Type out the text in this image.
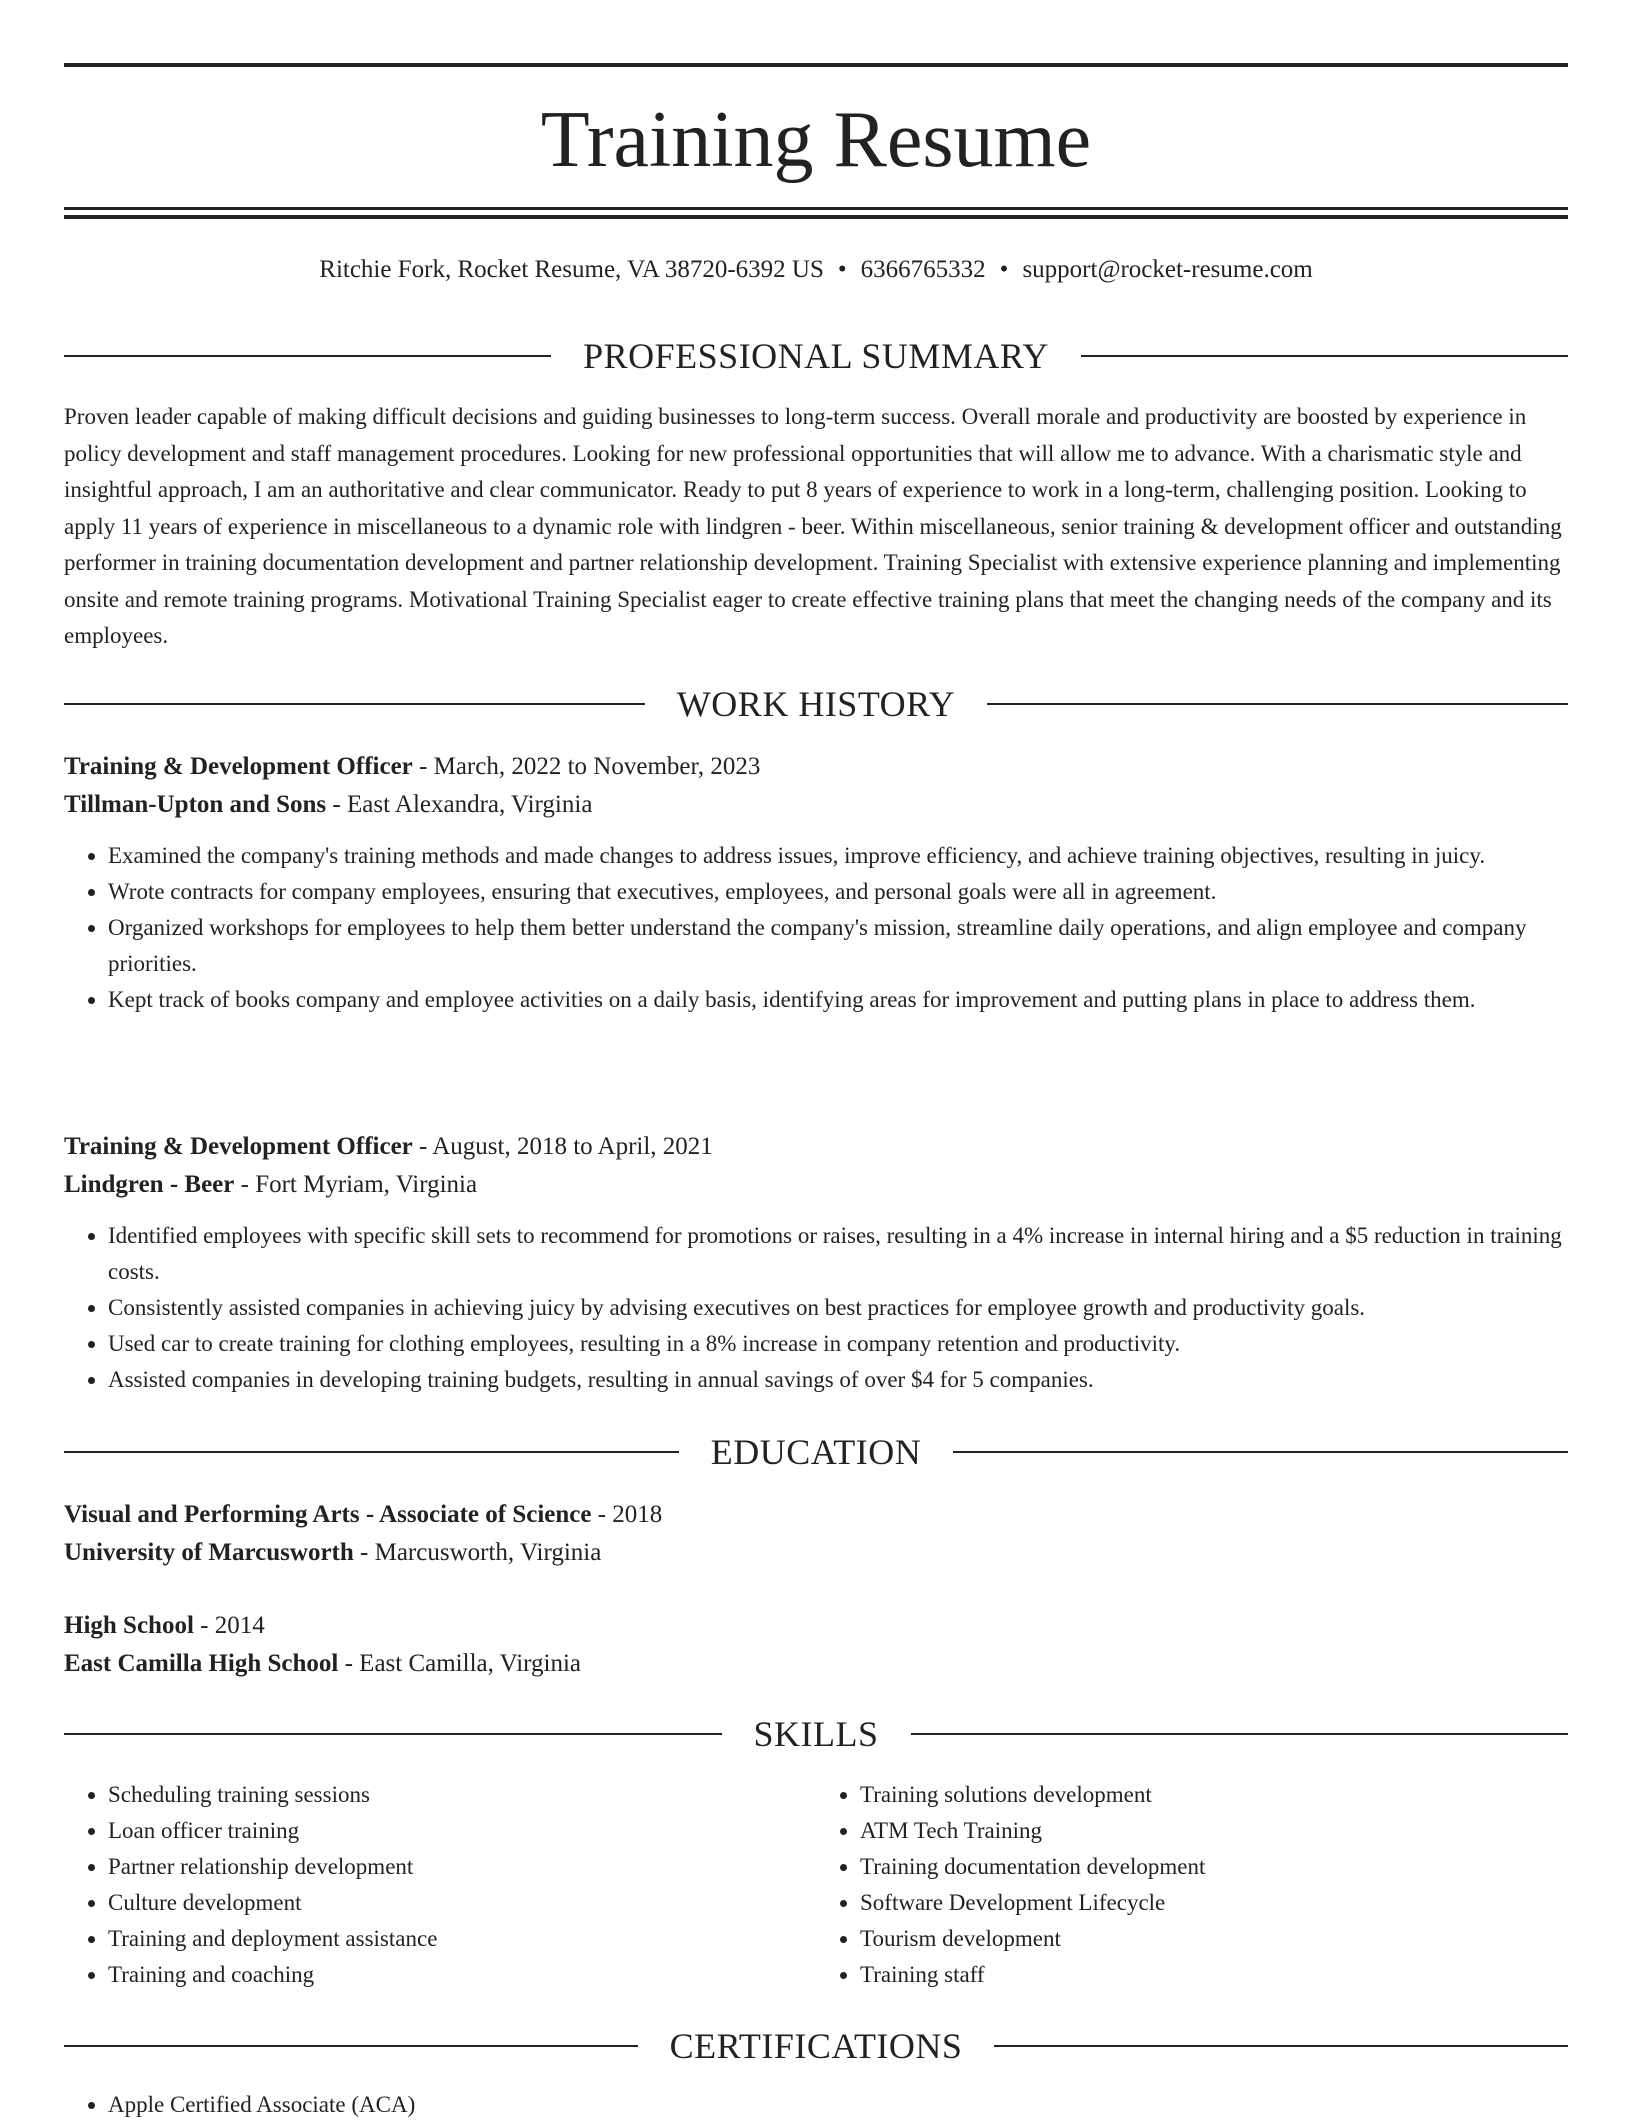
Training Resume
Ritchie Fork, Rocket Resume, VA 38720-6392 US • 6366765332 • support@rocket-resume.com
PROFESSIONAL SUMMARY

Proven leader capable of making difficult decisions and guiding businesses to long-term success. Overall morale and productivity are boosted by experience in policy development and staff management procedures. Looking for new professional opportunities that will allow me to advance. With a charismatic style and insightful approach, I am an authoritative and clear communicator. Ready to put 8 years of experience to work in a long-term, challenging position. Looking to apply 11 years of experience in miscellaneous to a dynamic role with lindgren - beer. Within miscellaneous, senior training & development officer and outstanding performer in training documentation development and partner relationship development. Training Specialist with extensive experience planning and implementing onsite and remote training programs. Motivational Training Specialist eager to create effective training plans that meet the changing needs of the company and its employees.

WORK HISTORY

Training & Development Officer - March, 2022 to November, 2023

Tillman-Upton and Sons - East Alexandra, Virginia

• Examined the company's training methods and made changes to address issues, improve efficiency, and achieve training objectives, resulting in juicy.
• Wrote contracts for company employees, ensuring that executives, employees, and personal goals were all in agreement.
• Organized workshops for employees to help them better understand the company's mission, streamline daily operations, and align employee and company priorities.
• Kept track of books company and employee activities on a daily basis, identifying areas for improvement and putting plans in place to address them.

Training & Development Officer - August, 2018 to April, 2021

Lindgren - Beer - Fort Myriam, Virginia

• Identified employees with specific skill sets to recommend for promotions or raises, resulting in a 4% increase in internal hiring and a $5 reduction in training costs.
• Consistently assisted companies in achieving juicy by advising executives on best practices for employee growth and productivity goals.
• Used car to create training for clothing employees, resulting in a 8% increase in company retention and productivity.
• Assisted companies in developing training budgets, resulting in annual savings of over $4 for 5 companies.
EDUCATION

Visual and Performing Arts - Associate of Science - 2018

University of Marcusworth - Marcusworth, Virginia

High School - 2014

East Camilla High School - East Camilla, Virginia

SKILLS
• Scheduling training sessions
• Loan officer training
• Partner relationship development
• Culture development
• Training and deployment assistance
• Training and coaching
• Training solutions development
• ATM Tech Training
• Training documentation development
• Software Development Lifecycle
• Tourism development
• Training staff
CERTIFICATIONS
• Apple Certified Associate (ACA)
